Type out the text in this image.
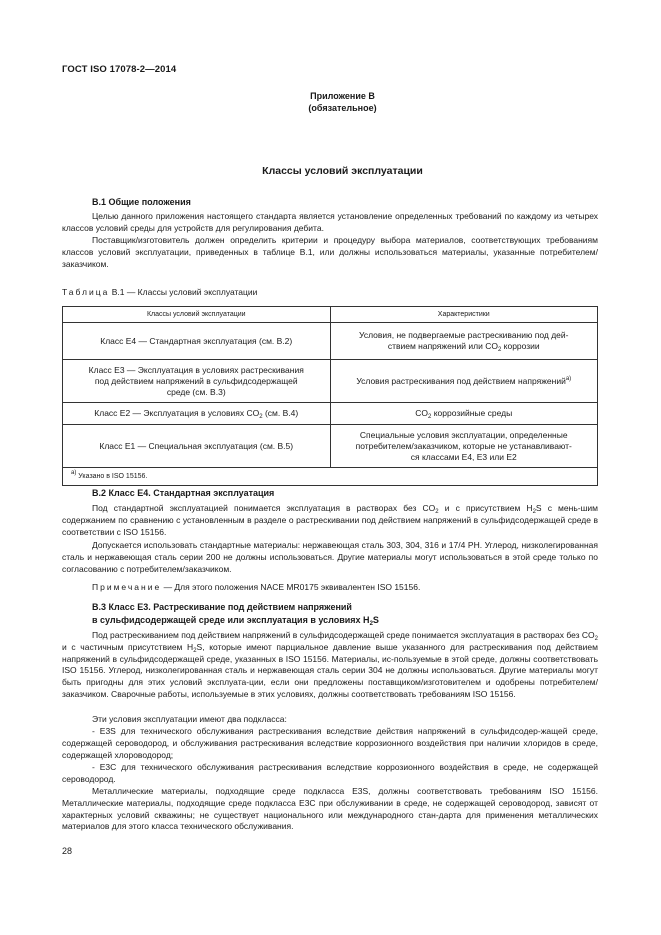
ГОСТ ISO 17078-2—2014
Приложение В
(обязательное)
Классы условий эксплуатации
В.1 Общие положения
Целью данного приложения настоящего стандарта является установление определенных требований по каждому из четырех классов условий среды для устройств для регулирования дебита.
Поставщик/изготовитель должен определить критерии и процедуру выбора материалов, соответствующих требованиям классов условий эксплуатации, приведенных в таблице В.1, или должны использоваться материалы, указанные потребителем/заказчиком.
Таблица В.1 — Классы условий эксплуатации
Классы условий эксплуатации	Характеристики
Класс E4 — Стандартная эксплуатация (см. В.2)	Условия, не подвергаемые растрескиванию под дей-
ствием напряжений или $CO_2$ коррозии
Класс E3 — Эксплуатация в условиях растрескивания
под действием напряжений в сульфидсодержащей
среде (см. В.3)	Условия растрескивания под действием напряжений$^{a)}$
Класс E2 — Эксплуатация в условиях $CO_2$ (см. В.4)	$CO_2$ коррозийные среды
Класс E1 — Специальная эксплуатация (см. В.5)	Специальные условия эксплуатации, определенные
потребителем/заказчиком, которые не устанавливают-
ся классами E4, E3 или E2
$^{a)}$ Указано в ISO 15156.	
В.2 Класс E4. Стандартная эксплуатация
Под стандартной эксплуатацией понимается эксплуатация в растворах без $CO_2$ и с присутствием $H_2S$ с мень-шим содержанием по сравнению с установленным в разделе о растрескивании под действием напряжений в сульфидсодержащей среде в соответствии с ISO 15156.
Допускается использовать стандартные материалы: нержавеющая сталь 303, 304, 316 и 17/4 PH. Углерод, низколегированная сталь и нержавеющая сталь серии 200 не должны использоваться. Другие материалы могут использоваться в этой среде только по согласованию с потребителем/заказчиком.
Примечание — Для этого положения NACE MR0175 эквивалентен ISO 15156.
В.3 Класс E3. Растрескивание под действием напряжений
в сульфидсодержащей среде или эксплуатация в условиях $H_2S$
Под растрескиванием под действием напряжений в сульфидсодержащей среде понимается эксплуатация в растворах без $CO_2$ и с частичным присутствием $H_2S$, которые имеют парциальное давление выше указанного для растрескивания под действием напряжений в сульфидсодержащей среде, указанных в ISO 15156. Материалы, ис-пользуемые в этой среде, должны соответствовать ISO 15156. Углерод, низколегированная сталь и нержавеющая сталь серии 304 не должны использоваться. Другие материалы могут быть пригодны для этих условий эксплуата-ции, если они предложены поставщиком/изготовителем и одобрены потребителем/заказчиком. Сварочные работы, используемые в этих условиях, должны соответствовать требованиям ISO 15156.
Эти условия эксплуатации имеют два подкласса:
- E3S для технического обслуживания растрескивания вследствие действия напряжений в сульфидсодер-жащей среде, содержащей сероводород, и обслуживания растрескивания вследствие коррозионного воздействия при наличии хлоридов в среде, содержащей хлороводород;
- E3C для технического обслуживания растрескивания вследствие коррозионного воздействия в среде, не содержащей сероводород.
Металлические материалы, подходящие среде подкласса E3S, должны соответствовать требованиям ISO 15156. Металлические материалы, подходящие среде подкласса E3C при обслуживании в среде, не содержащей сероводород, зависят от характерных условий скважины; не существует национального или международного стан-дарта для применения металлических материалов для этого класса технического обслуживания.
28
